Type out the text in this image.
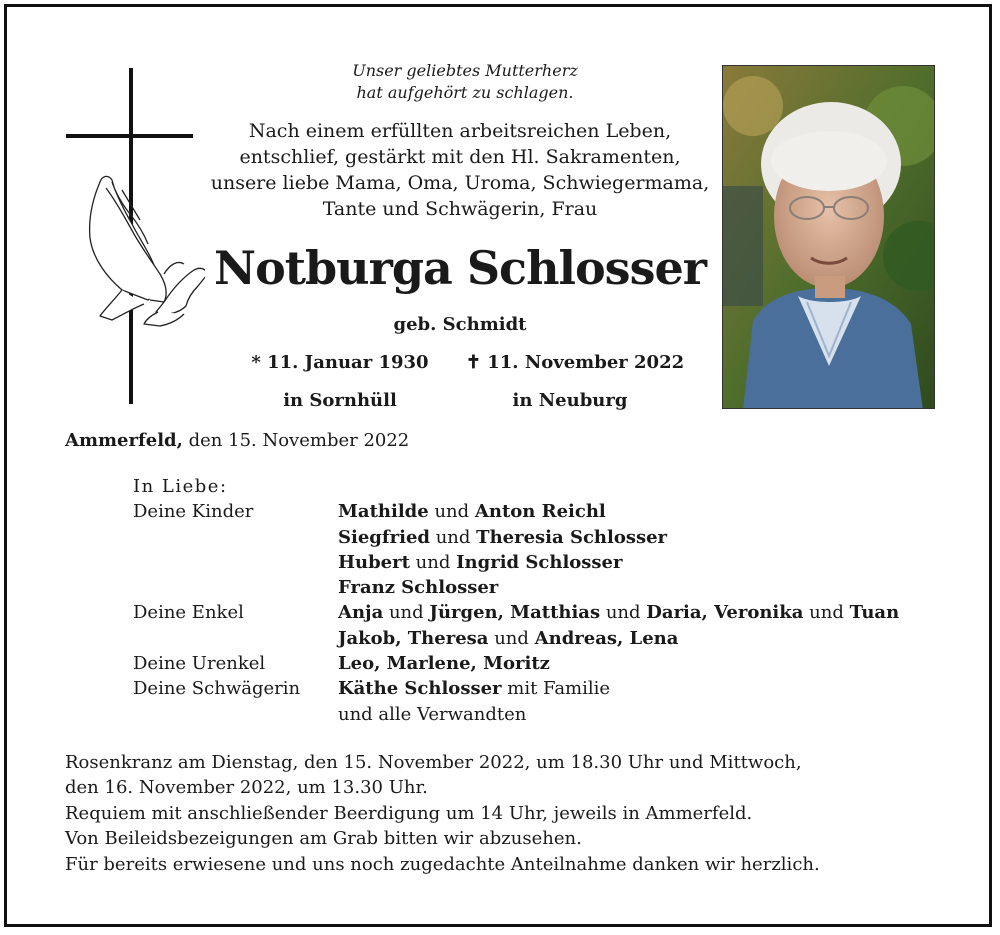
Unser geliebtes Mutterherz
hat aufgehört zu schlagen.
Nach einem erfüllten arbeitsreichen Leben,
entschlief, gestärkt mit den Hl. Sakramenten,
unsere liebe Mama, Oma, Uroma, Schwiegermama,
Tante und Schwägerin, Frau
Notburga Schlosser
geb. Schmidt
* 11. Januar 1930	✝ 11. November 2022
in Sornhüll	in Neuburg
Ammerfeld, den 15. November 2022
In Liebe:
Deine Kinder	Mathilde und Anton Reichl
Siegfried und Theresia Schlosser
Hubert und Ingrid Schlosser
Franz Schlosser
Deine Enkel	Anja und Jürgen, Matthias und Daria, Veronika und Tuan
Jakob, Theresa und Andreas, Lena
Deine Urenkel	Leo, Marlene, Moritz
Deine Schwägerin	Käthe Schlosser mit Familie
und alle Verwandten
Rosenkranz am Dienstag, den 15. November 2022, um 18.30 Uhr und Mittwoch,
den 16. November 2022, um 13.30 Uhr.
Requiem mit anschließender Beerdigung um 14 Uhr, jeweils in Ammerfeld.
Von Beileidsbezeigungen am Grab bitten wir abzusehen.
Für bereits erwiesene und uns noch zugedachte Anteilnahme danken wir herzlich.
